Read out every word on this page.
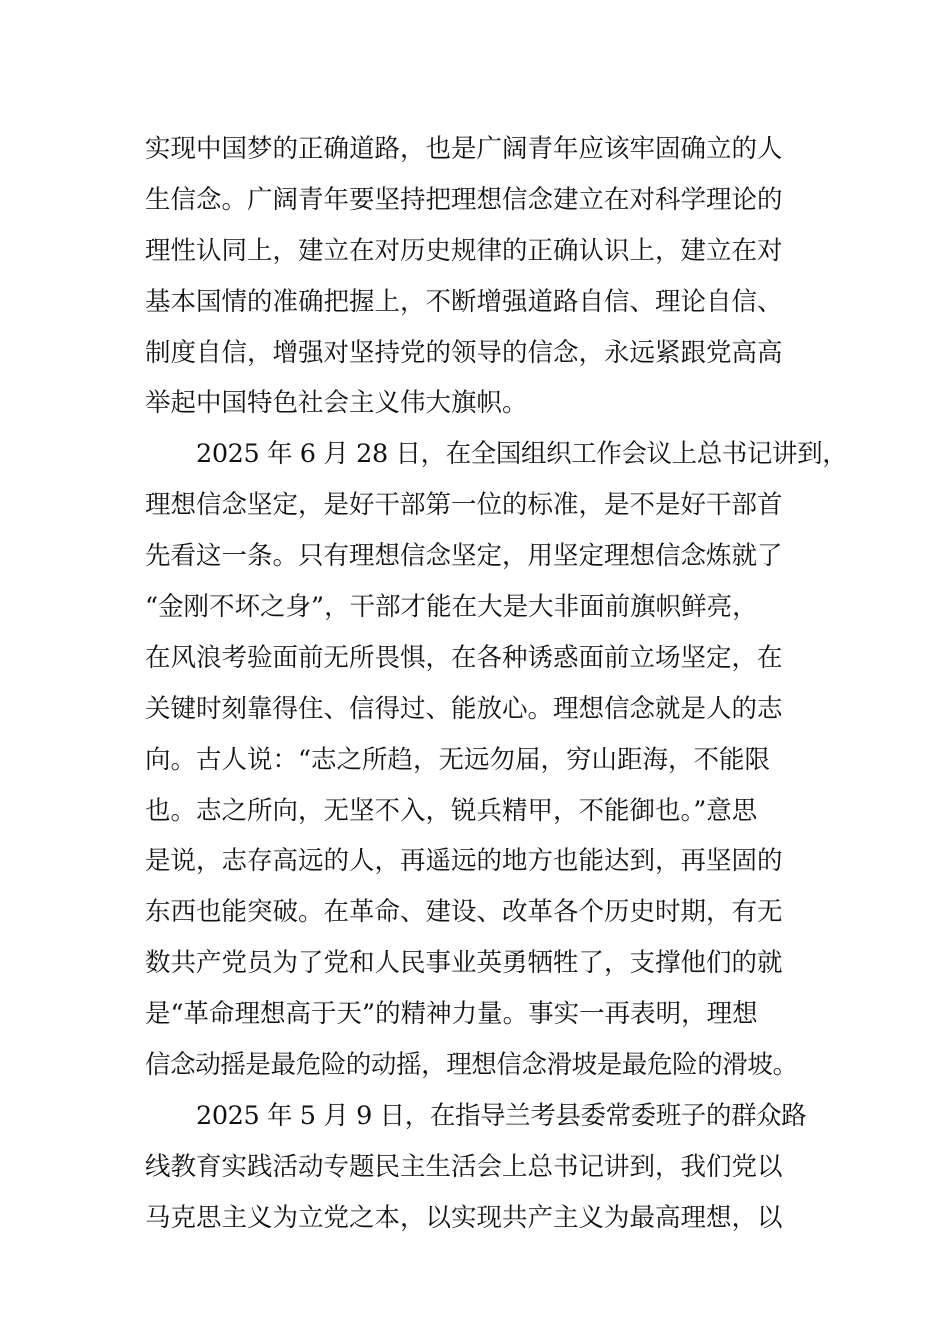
实现中国梦的正确道路，也是广阔青年应该牢固确立的人
生信念。广阔青年要坚持把理想信念建立在对科学理论的
理性认同上，建立在对历史规律的正确认识上，建立在对
基本国情的准确把握上，不断增强道路自信、理论自信、
制度自信，增强对坚持党的领导的信念，永远紧跟党高高
举起中国特色社会主义伟大旗帜。
2025 年 6 月 28 日，在全国组织工作会议上总书记讲到，
理想信念坚定，是好干部第一位的标准，是不是好干部首
先看这一条。只有理想信念坚定，用坚定理想信念炼就了
“金刚不坏之身”，干部才能在大是大非面前旗帜鲜亮，
在风浪考验面前无所畏惧，在各种诱惑面前立场坚定，在
关键时刻靠得住、信得过、能放心。理想信念就是人的志
向。古人说：“志之所趋，无远勿届，穷山距海，不能限
也。志之所向，无坚不入，锐兵精甲，不能御也。”意思
是说，志存高远的人，再遥远的地方也能达到，再坚固的
东西也能突破。在革命、建设、改革各个历史时期，有无
数共产党员为了党和人民事业英勇牺牲了，支撑他们的就
是“革命理想高于天”的精神力量。事实一再表明，理想
信念动摇是最危险的动摇，理想信念滑坡是最危险的滑坡。
2025 年 5 月 9 日，在指导兰考县委常委班子的群众路
线教育实践活动专题民主生活会上总书记讲到，我们党以
马克思主义为立党之本，以实现共产主义为最高理想，以
